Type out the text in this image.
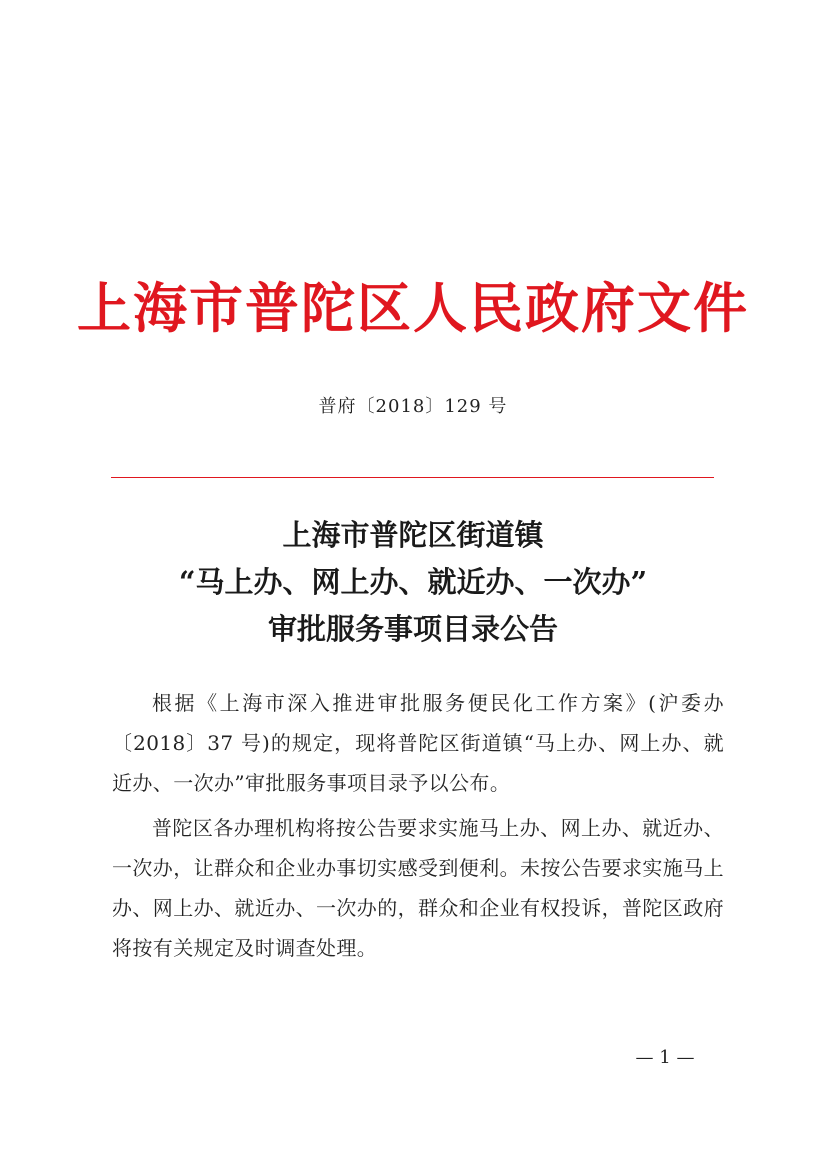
上海市普陀区人民政府文件
普府〔2018〕129 号
上海市普陀区街道镇
“马上办、网上办、就近办、一次办”
审批服务事项目录公告

根据《上海市深入推进审批服务便民化工作方案》(沪委办〔2018〕37 号)的规定，现将普陀区街道镇“马上办、网上办、就近办、一次办”审批服务事项目录予以公布。

普陀区各办理机构将按公告要求实施马上办、网上办、就近办、一次办，让群众和企业办事切实感受到便利。未按公告要求实施马上办、网上办、就近办、一次办的，群众和企业有权投诉，普陀区政府将按有关规定及时调查处理。

— 1 —
